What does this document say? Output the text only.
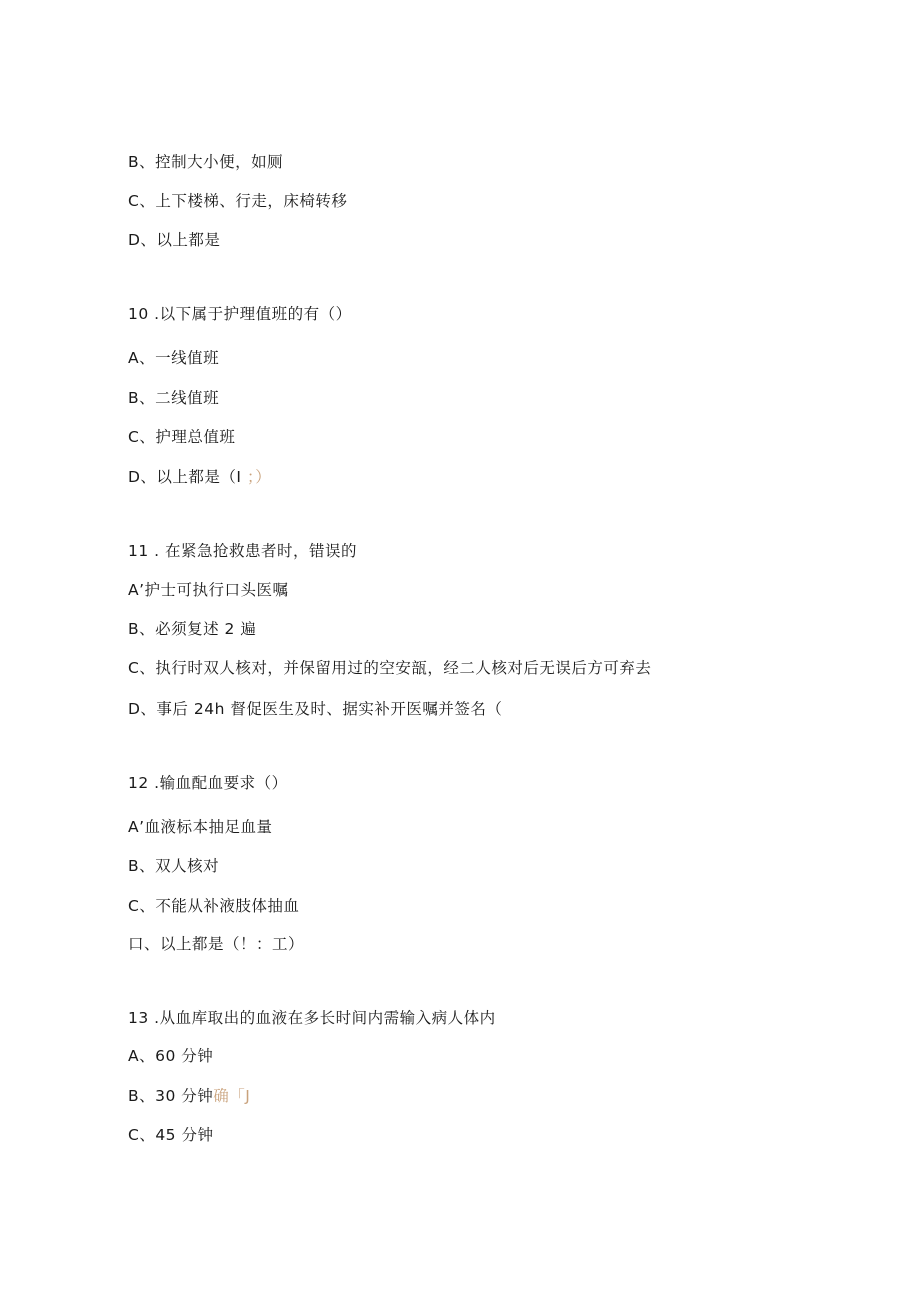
B、控制大小便，如厕
C、上下楼梯、行走，床椅转移
D、以上都是
10 .以下属于护理值班的有（）
A、一线值班
B、二线值班
C、护理总值班
D、以上都是（I ；）
11 . 在紧急抢救患者时，错误的
A’护士可执行口头医嘱
B、必须复述 2 遍
C、执行时双人核对，并保留用过的空安瓿，经二人核对后无误后方可弃去
D、事后 24h 督促医生及时、据实补开医嘱并签名（
12 .输血配血要求（）
A’血液标本抽足血量
B、双人核对
C、不能从补液肢体抽血
口、以上都是（！：工）
13 .从血库取出的血液在多长时间内需输入病人体内
A、60 分钟
B、30 分钟确「J
C、45 分钟
